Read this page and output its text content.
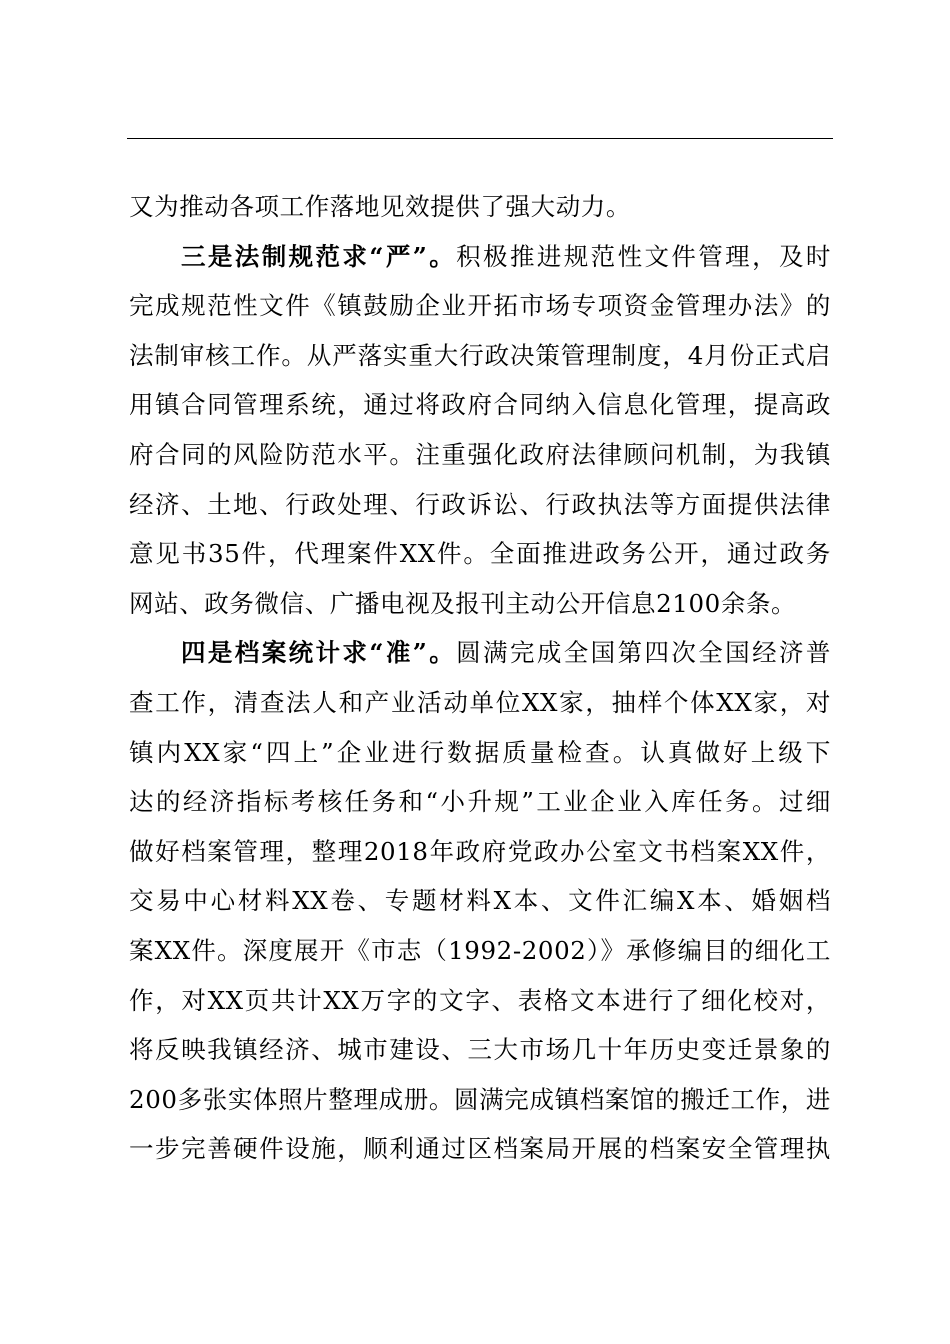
又为推动各项工作落地见效提供了强大动力。
三是法制规范求“严”。积极推进规范性文件管理，及时
完成规范性文件《镇鼓励企业开拓市场专项资金管理办法》的
法制审核工作。从严落实重大行政决策管理制度，4月份正式启
用镇合同管理系统，通过将政府合同纳入信息化管理，提高政
府合同的风险防范水平。注重强化政府法律顾问机制，为我镇
经济、土地、行政处理、行政诉讼、行政执法等方面提供法律
意见书35件，代理案件XX件。全面推进政务公开，通过政务
网站、政务微信、广播电视及报刊主动公开信息2100余条。
四是档案统计求“准”。圆满完成全国第四次全国经济普
查工作，清查法人和产业活动单位XX家，抽样个体XX家，对
镇内XX家“四上”企业进行数据质量检查。认真做好上级下
达的经济指标考核任务和“小升规”工业企业入库任务。过细
做好档案管理，整理2018年政府党政办公室文书档案XX件，
交易中心材料XX卷、专题材料X本、文件汇编X本、婚姻档
案XX件。深度展开《市志（1992-2002）》承修编目的细化工
作，对XX页共计XX万字的文字、表格文本进行了细化校对，
将反映我镇经济、城市建设、三大市场几十年历史变迁景象的
200多张实体照片整理成册。圆满完成镇档案馆的搬迁工作，进
一步完善硬件设施，顺利通过区档案局开展的档案安全管理执
